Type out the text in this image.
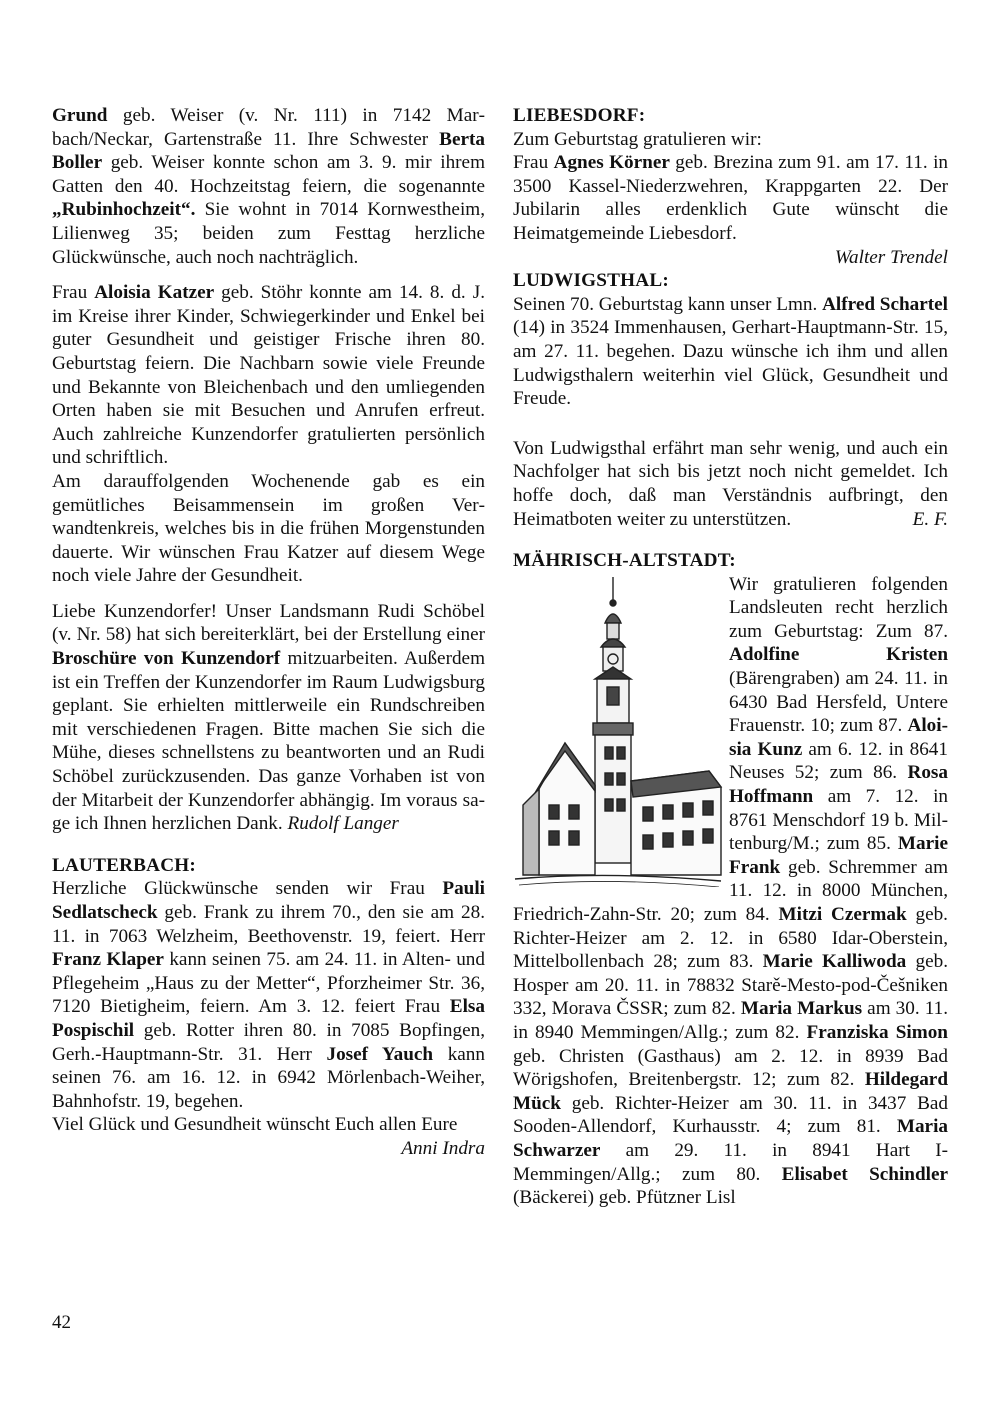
Grund geb. Weiser (v. Nr. 111) in 7142 Marbach/Neckar, Gartenstraße 11. Ihre Schwester Berta Boller geb. Weiser konnte schon am 3. 9. mir ihrem Gatten den 40. Hochzeitstag feiern, die sogenannte „Rubinhochzeit“. Sie wohnt in 7014 Kornwestheim, Lilienweg 35; beiden zum Festtag herzliche Glückwünsche, auch noch nachträglich.

Frau Aloisia Katzer geb. Stöhr konnte am 14. 8. d. J. im Kreise ihrer Kinder, Schwiegerkinder und Enkel bei guter Gesundheit und geistiger Frische ihren 80. Geburtstag feiern. Die Nachbarn sowie viele Freunde und Bekannte von Bleichenbach und den umliegenden Orten haben sie mit Besuchen und Anrufen erfreut. Auch zahlreiche Kunzendorfer gratulierten persönlich und schriftlich.

Am darauffolgenden Wochenende gab es ein gemütliches Beisammensein im großen Verwandtenkreis, welches bis in die frühen Morgenstunden dauerte. Wir wünschen Frau Katzer auf diesem Wege noch viele Jahre der Gesundheit.

Liebe Kunzendorfer! Unser Landsmann Rudi Schöbel (v. Nr. 58) hat sich bereiterklärt, bei der Erstellung einer Broschüre von Kunzendorf mitzuarbeiten. Außerdem ist ein Treffen der Kunzendorfer im Raum Ludwigsburg geplant. Sie erhielten mittlerweile ein Rundschreiben mit verschiedenen Fragen. Bitte machen Sie sich die Mühe, dieses schnellstens zu beantworten und an Rudi Schöbel zurückzusenden. Das ganze Vorhaben ist von der Mitarbeit der Kunzendorfer abhängig. Im voraus sage ich Ihnen herzlichen Dank. Rudolf Langer

LAUTERBACH:

Herzliche Glückwünsche senden wir Frau Pauli Sedlatscheck geb. Frank zu ihrem 70., den sie am 28. 11. in 7063 Welzheim, Beethovenstr. 19, feiert. Herr Franz Klaper kann seinen 75. am 24. 11. in Alten- und Pflegeheim „Haus zu der Metter“, Pforzheimer Str. 36, 7120 Bietigheim, feiern. Am 3. 12. feiert Frau Elsa Pospischil geb. Rotter ihren 80. in 7085 Bopfingen, Gerh.-Hauptmann-Str. 31. Herr Josef Yauch kann seinen 76. am 16. 12. in 6942 Mörlenbach-Weiher, Bahnhofstr. 19, begehen.

Viel Glück und Gesundheit wünscht Euch allen Eure
Anni Indra

LIEBESDORF:

Zum Geburtstag gratulieren wir:

Frau Agnes Körner geb. Brezina zum 91. am 17. 11. in 3500 Kassel-Niederzwehren, Krappgarten 22. Der Jubilarin alles erdenklich Gute wünscht die Heimatgemeinde Liebesdorf.

Walter Trendel

LUDWIGSTHAL:

Seinen 70. Geburtstag kann unser Lmn. Alfred Schartel (14) in 3524 Immenhausen, Gerhart-Hauptmann-Str. 15, am 27. 11. begehen. Dazu wünsche ich ihm und allen Ludwigsthalern weiterhin viel Glück, Gesundheit und Freude.

Von Ludwigsthal erfährt man sehr wenig, und auch ein Nachfolger hat sich bis jetzt noch nicht gemeldet. Ich hoffe doch, daß man Verständnis aufbringt, den Heimatboten weiter zu unterstützen.	E. F.

MÄHRISCH-ALTSTADT:

Wir gratulieren folgenden Landsleuten recht herzlich zum Geburtstag: Zum 87. Adolfine Kristen (Bärengraben) am 24. 11. in 6430 Bad Hersfeld, Untere Frauenstr. 10; zum 87. Aloisia Kunz am 6. 12. in 8641 Neuses 52; zum 86. Rosa Hoffmann am 7. 12. in 8761 Menschdorf 19 b. Miltenburg/M.; zum 85. Marie Frank geb. Schremmer am 11. 12. in 8000 München, Friedrich-Zahn-Str. 20; zum 84. Mitzi Czermak geb. Richter-Heizer am 2. 12. in 6580 Idar-Oberstein, Mittelbollenbach 28; zum 83. Marie Kalliwoda geb. Hosper am 20. 11. in 78832 Starě-Mesto-pod-Češniken 332, Morava ČSSR; zum 82. Maria Markus am 30. 11. in 8940 Memmingen/Allg.; zum 82. Franziska Simon geb. Christen (Gasthaus) am 2. 12. in 8939 Bad Wörigshofen, Breitenbergstr. 12; zum 82. Hildegard Mück geb. Richter-Heizer am 30. 11. in 3437 Bad Sooden-Allendorf, Kurhausstr. 4; zum 81. Maria Schwarzer am 29. 11. in 8941 Hart I-Memmingen/Allg.; zum 80. Elisabet Schindler (Bäckerei) geb. Pfützner Lisl

42
